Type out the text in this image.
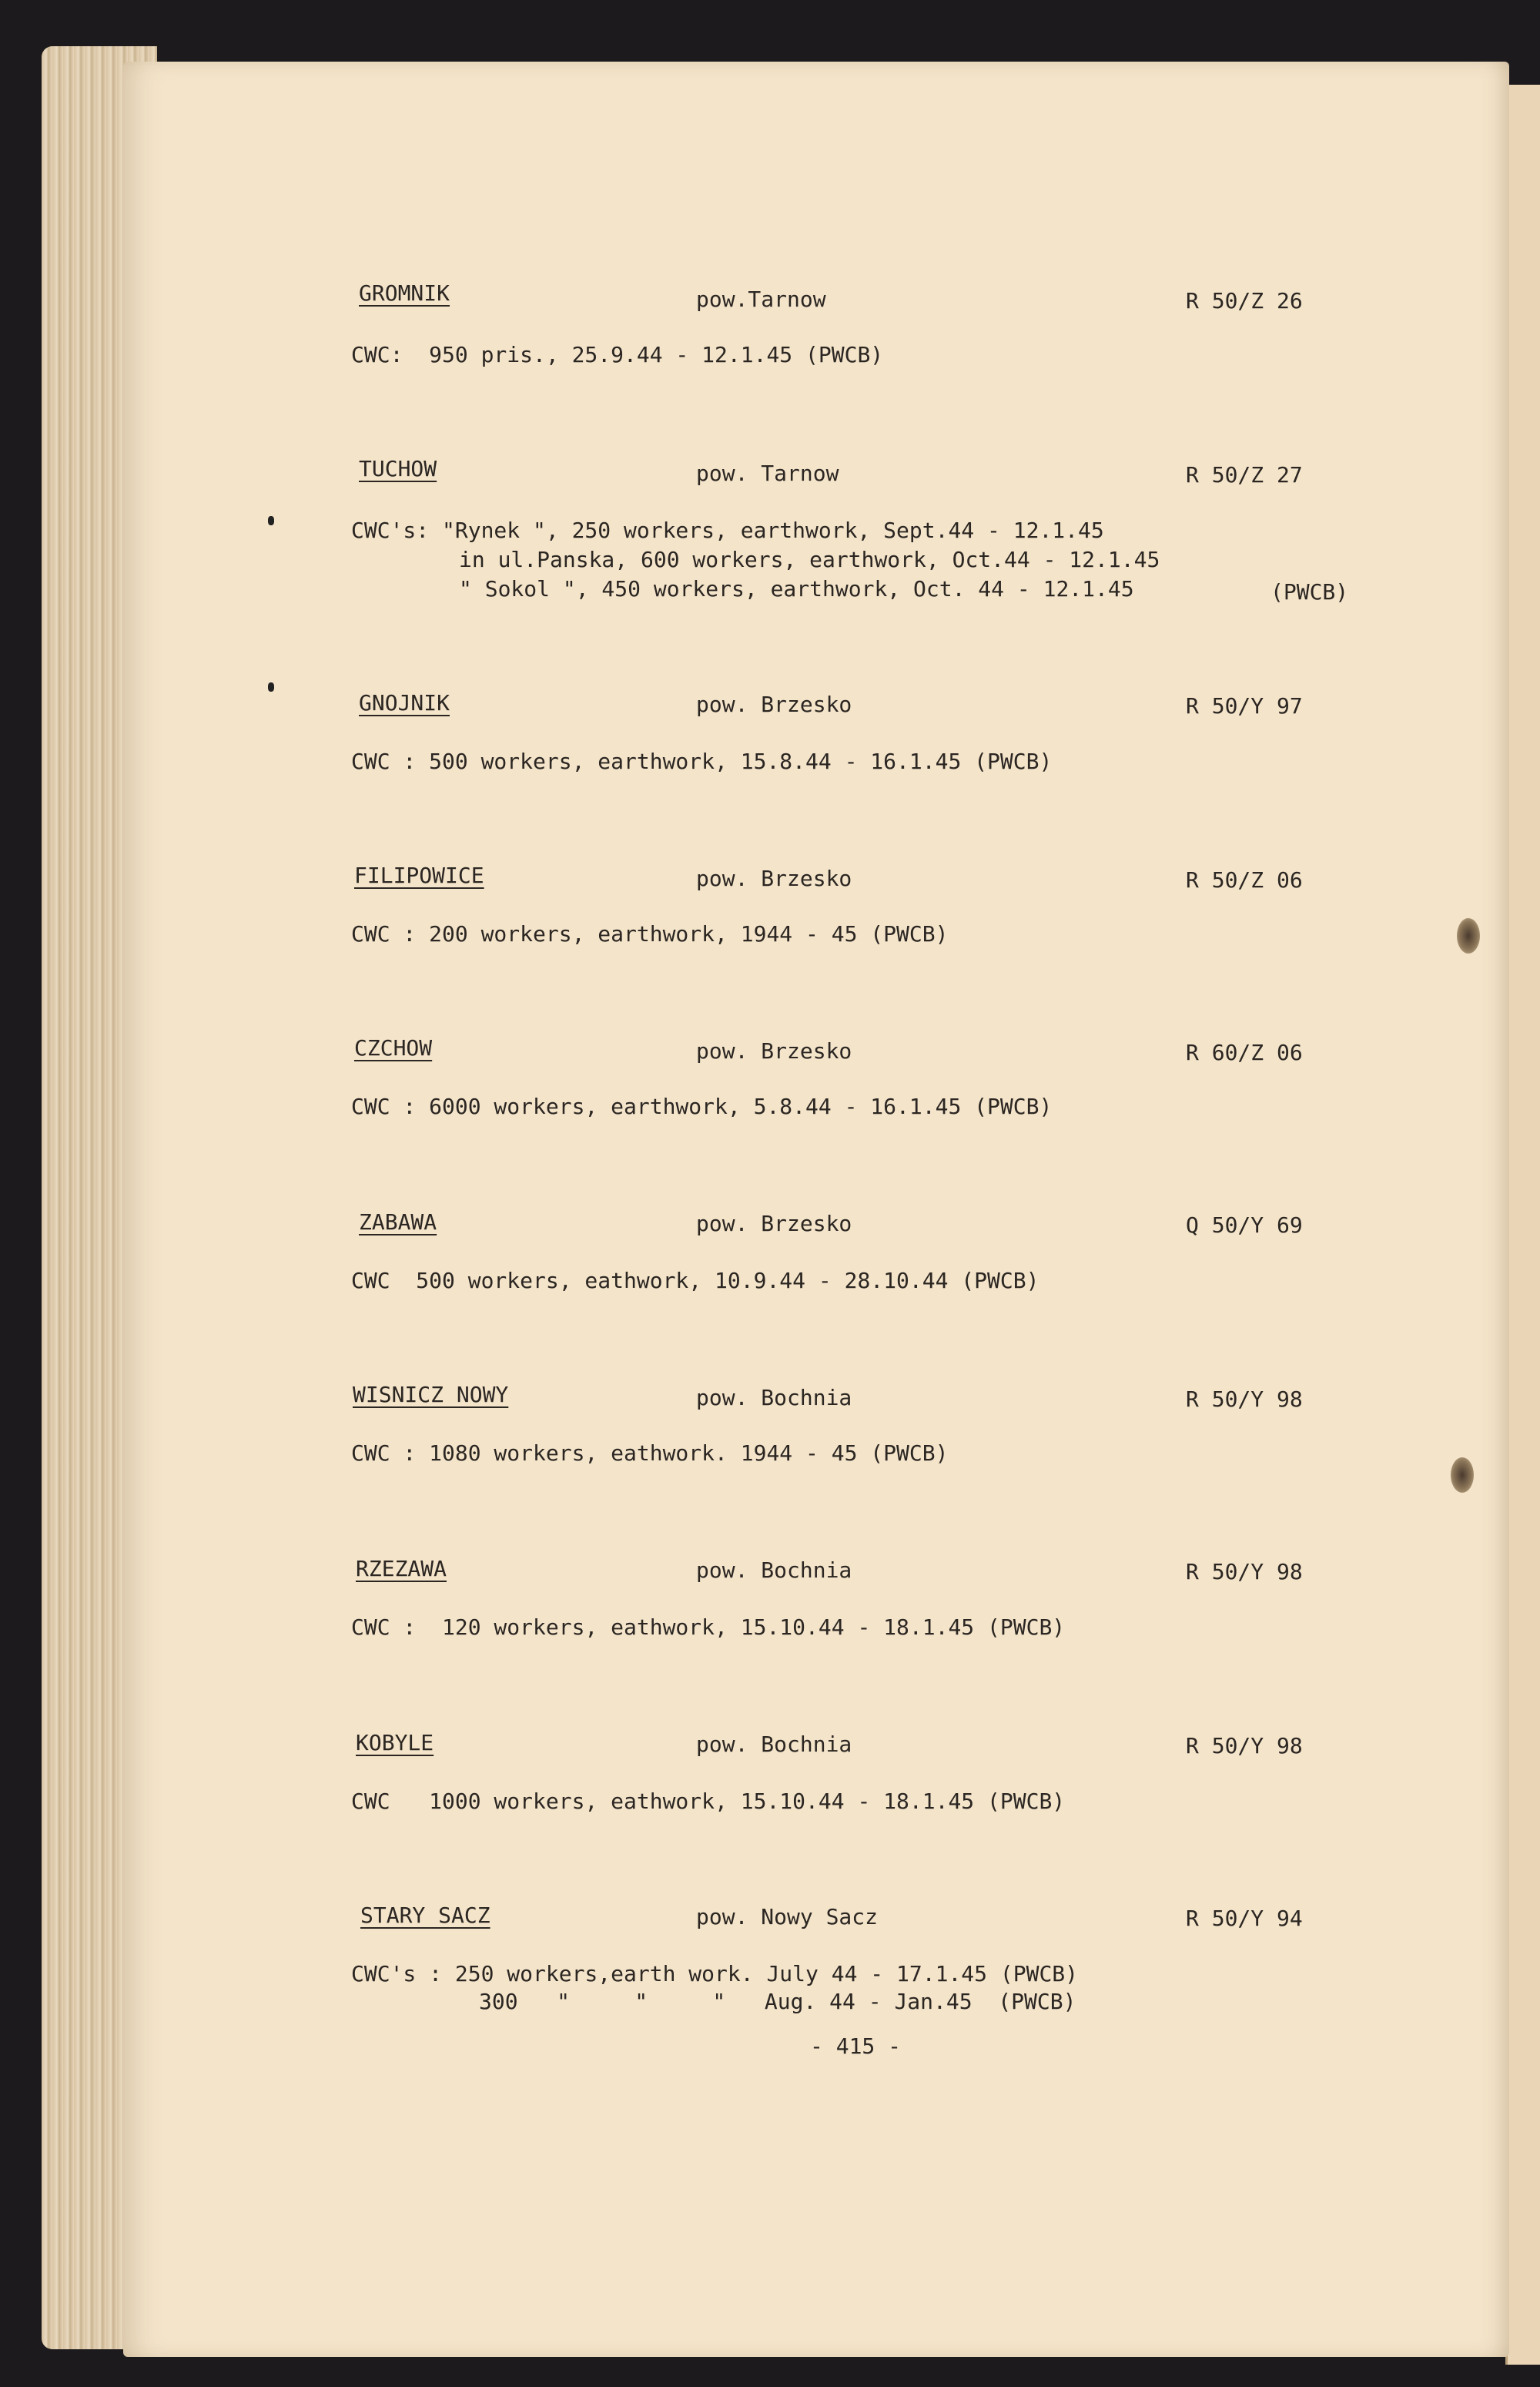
GROMNIK	pow.Tarnow	R 50/Z 26
CWC:  950 pris., 25.9.44 - 12.1.45 (PWCB)
TUCHOW	pow. Tarnow	R 50/Z 27
CWC's: "Rynek ", 250 workers, earthwork, Sept.44 - 12.1.45
in ul.Panska, 600 workers, earthwork, Oct.44 - 12.1.45
" Sokol ", 450 workers, earthwork, Oct. 44 - 12.1.45	(PWCB)
GNOJNIK	pow. Brzesko	R 50/Y 97
CWC : 500 workers, earthwork, 15.8.44 - 16.1.45 (PWCB)
FILIPOWICE	pow. Brzesko	R 50/Z 06
CWC : 200 workers, earthwork, 1944 - 45 (PWCB)
CZCHOW	pow. Brzesko	R 60/Z 06
CWC : 6000 workers, earthwork, 5.8.44 - 16.1.45 (PWCB)
ZABAWA	pow. Brzesko	Q 50/Y 69
CWC  500 workers, eathwork, 10.9.44 - 28.10.44 (PWCB)
WISNICZ NOWY	pow. Bochnia	R 50/Y 98
CWC : 1080 workers, eathwork. 1944 - 45 (PWCB)
RZEZAWA	pow. Bochnia	R 50/Y 98
CWC :  120 workers, eathwork, 15.10.44 - 18.1.45 (PWCB)
KOBYLE	pow. Bochnia	R 50/Y 98
CWC   1000 workers, eathwork, 15.10.44 - 18.1.45 (PWCB)
STARY SACZ	pow. Nowy Sacz	R 50/Y 94
CWC's : 250 workers,earth work. July 44 - 17.1.45 (PWCB)
300   "     "     "   Aug. 44 - Jan.45  (PWCB)
- 415 -
